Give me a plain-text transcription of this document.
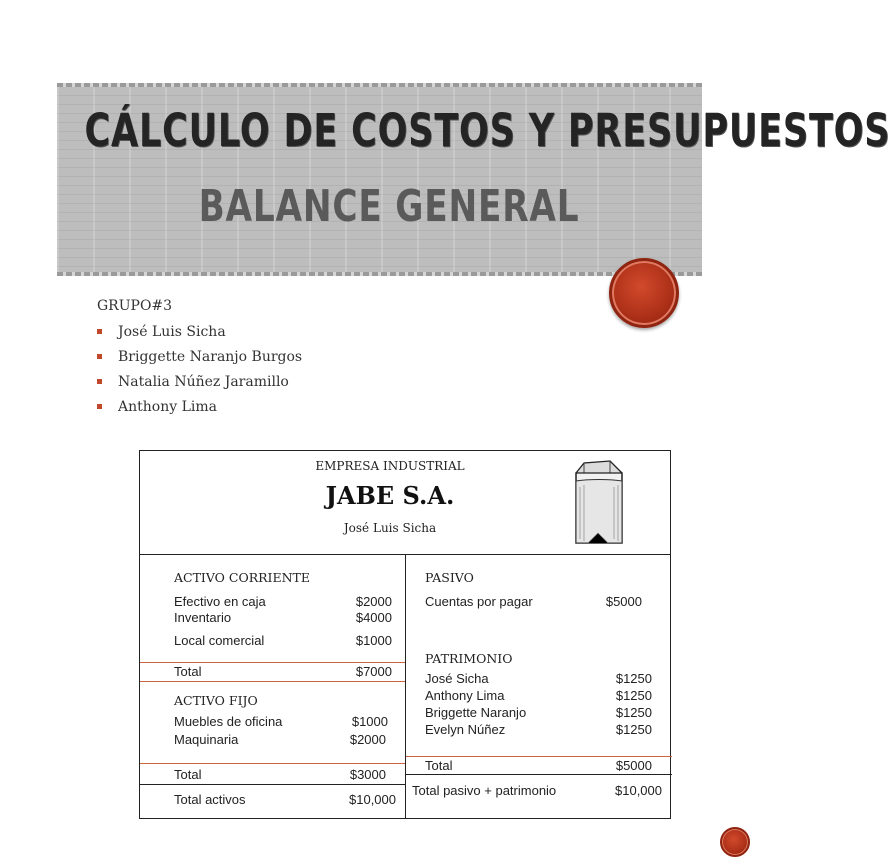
CÁLCULO DE COSTOS Y PRESUPUESTOS
BALANCE GENERAL
GRUPO#3
José Luis Sicha
Briggette Naranjo Burgos
Natalia Núñez Jaramillo
Anthony Lima
EMPRESA INDUSTRIAL
JABE S.A.
José Luis Sicha
ACTIVO CORRIENTE
Efectivo en caja	$2000
Inventario	$4000
Local comercial	$1000
Total	$7000
ACTIVO FIJO
Muebles de oficina	$1000
Maquinaria	$2000
Total	$3000
Total activos	$10,000
PASIVO
Cuentas por pagar	$5000
PATRIMONIO
José Sicha	$1250
Anthony Lima	$1250
Briggette Naranjo	$1250
Evelyn Núñez	$1250
Total	$5000
Total pasivo + patrimonio	$10,000
